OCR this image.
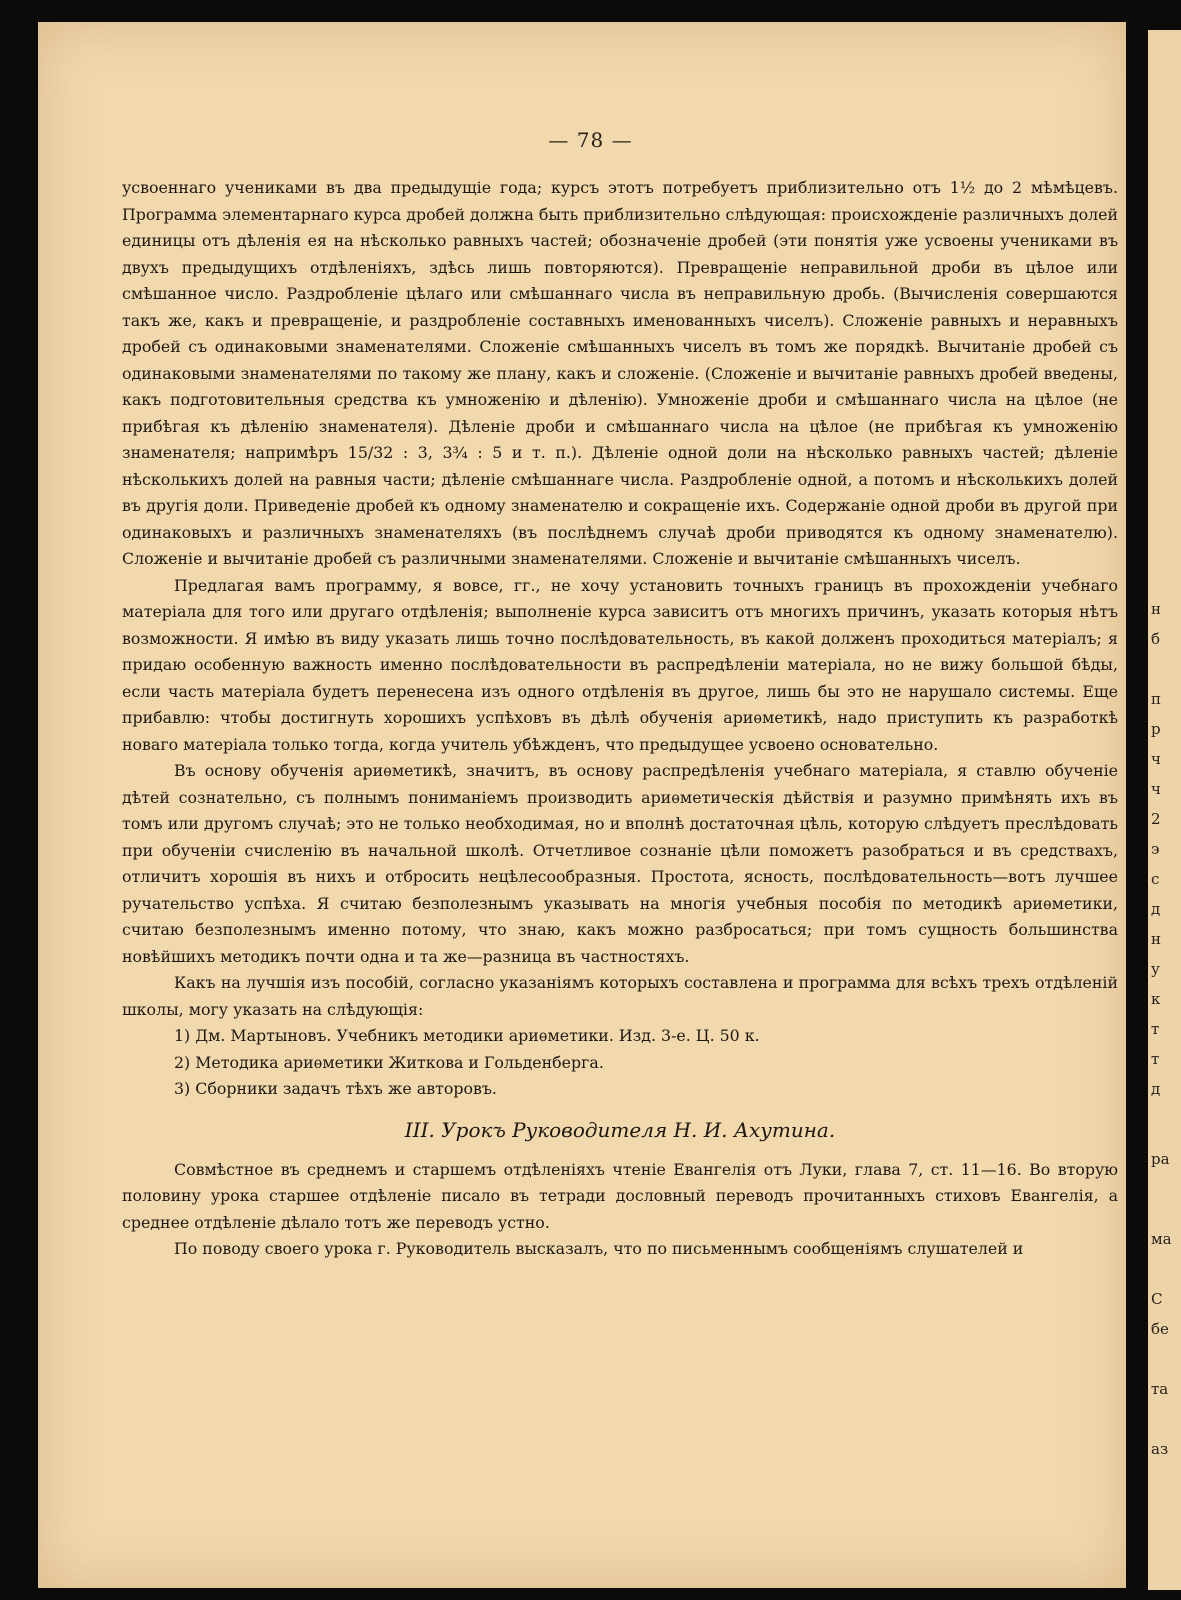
н
б
п
р
ч
ч
2
э
с
д
н
у
к
т
т
д
ра
ма
С
бе
та
аз
— 78 —

усвоеннаго учениками въ два предыдущіе года; курсъ этотъ потребуетъ приблизительно отъ 1½ до 2 мѣмѣцевъ. Программа элементарнаго курса дробей должна быть приблизительно слѣдующая: происхожденіе различныхъ долей единицы отъ дѣленія ея на нѣсколько равныхъ частей; обозначеніе дробей (эти понятія уже усвоены учениками въ двухъ предыдущихъ отдѣленіяхъ, здѣсь лишь повторяются). Превращеніе неправильной дроби въ цѣлое или смѣшанное число. Раздробленіе цѣлаго или смѣшаннаго числа въ неправильную дробь. (Вычисленія совершаются такъ же, какъ и превращеніе, и раздробленіе составныхъ именованныхъ чиселъ). Сложеніе равныхъ и неравныхъ дробей съ одинаковыми знаменателями. Сложеніе смѣшанныхъ чиселъ въ томъ же порядкѣ. Вычитаніе дробей съ одинаковыми знаменателями по такому же плану, какъ и сложеніе. (Сложеніе и вычитаніе равныхъ дробей введены, какъ подготовительныя средства къ умноженію и дѣленію). Умноженіе дроби и смѣшаннаго числа на цѣлое (не прибѣгая къ дѣленію знаменателя). Дѣленіе дроби и смѣшаннаго числа на цѣлое (не прибѣгая къ умноженію знаменателя; напримѣръ 15/32 : 3, 3¾ : 5 и т. п.). Дѣленіе одной доли на нѣсколько равныхъ частей; дѣленіе нѣсколькихъ долей на равныя части; дѣленіе смѣшаннаге числа. Раздробленіе одной, а потомъ и нѣсколькихъ долей въ другія доли. Приведеніе дробей къ одному знаменателю и сокращеніе ихъ. Содержаніе одной дроби въ другой при одинаковыхъ и различныхъ знаменателяхъ (въ послѣднемъ случаѣ дроби приводятся къ одному знаменателю). Сложеніе и вычитаніе дробей съ различными знаменателями. Сложеніе и вычитаніе смѣшанныхъ чиселъ.

Предлагая вамъ программу, я вовсе, гг., не хочу установить точныхъ границъ въ прохожденіи учебнаго матеріала для того или другаго отдѣленія; выполненіе курса зависитъ отъ многихъ причинъ, указать которыя нѣтъ возможности. Я имѣю въ виду указать лишь точно послѣдовательность, въ какой долженъ проходиться матеріалъ; я придаю особенную важность именно послѣдовательности въ распредѣленіи матеріала, но не вижу большой бѣды, если часть матеріала будетъ перенесена изъ одного отдѣленія въ другое, лишь бы это не нарушало системы. Еще прибавлю: чтобы достигнуть хорошихъ успѣховъ въ дѣлѣ обученія ариѳметикѣ, надо приступить къ разработкѣ новаго матеріала только тогда, когда учитель убѣжденъ, что предыдущее усвоено основательно.

Въ основу обученія ариѳметикѣ, значитъ, въ основу распредѣленія учебнаго матеріала, я ставлю обученіе дѣтей сознательно, съ полнымъ пониманіемъ производить ариѳметическія дѣйствія и разумно примѣнять ихъ въ томъ или другомъ случаѣ; это не только необходимая, но и вполнѣ достаточная цѣль, которую слѣдуетъ преслѣдовать при обученіи счисленію въ начальной школѣ. Отчетливое сознаніе цѣли поможетъ разобраться и въ средствахъ, отличитъ хорошія въ нихъ и отбросить нецѣлесообразныя. Простота, ясность, послѣдовательность—вотъ лучшее ручательство успѣха. Я считаю безполезнымъ указывать на многія учебныя пособія по методикѣ ариѳметики, считаю безполезнымъ именно потому, что знаю, какъ можно разбросаться; при томъ сущность большинства новѣйшихъ методикъ почти одна и та же—разница въ частностяхъ.

Какъ на лучшія изъ пособій, согласно указаніямъ которыхъ составлена и программа для всѣхъ трехъ отдѣленій школы, могу указать на слѣдующія:

1) Дм. Мартыновъ. Учебникъ методики ариѳметики. Изд. 3-е. Ц. 50 к.
2) Методика ариѳметики Житкова и Гольденберга.
3) Сборники задачъ тѣхъ же авторовъ.
III. Урокъ Руководителя Н. И. Ахутина.

Совмѣстное въ среднемъ и старшемъ отдѣленіяхъ чтеніе Евангелія отъ Луки, глава 7, ст. 11—16. Во вторую половину урока старшее отдѣленіе писало въ тетради дословный переводъ прочитанныхъ стиховъ Евангелія, а среднее отдѣленіе дѣлало тотъ же переводъ устно.

По поводу своего урока г. Руководитель высказалъ, что по письменнымъ сообщеніямъ слушателей и
